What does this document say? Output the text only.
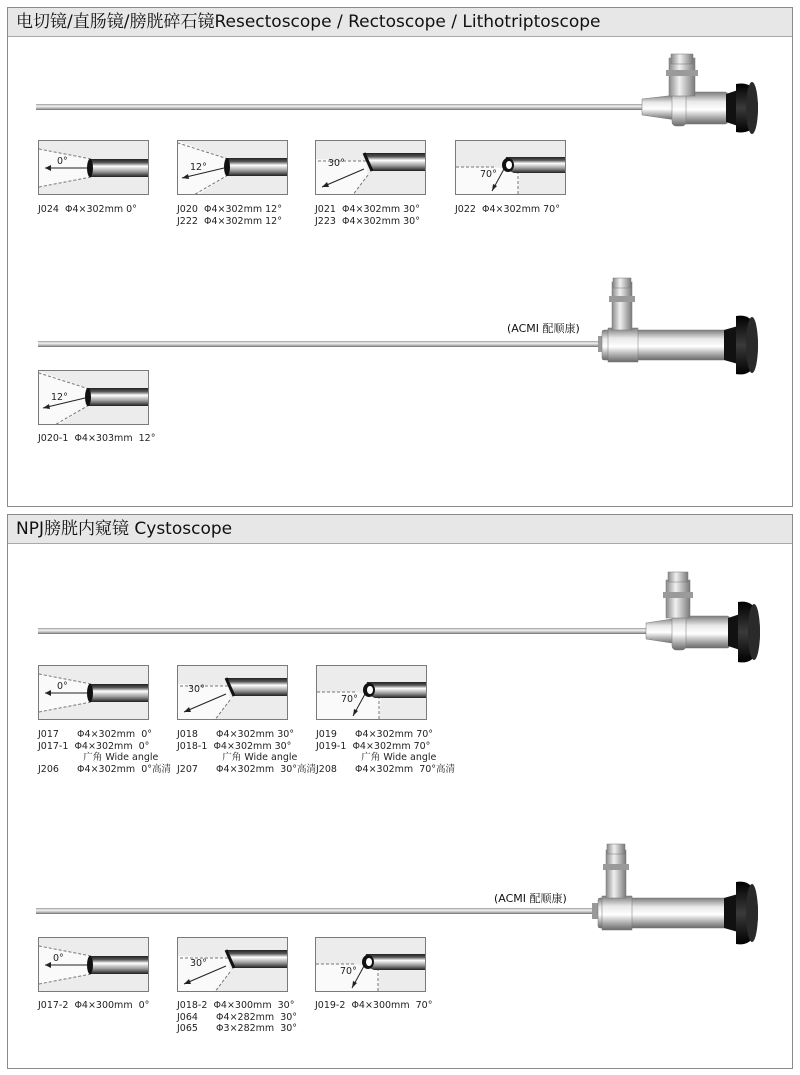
电切镜/直肠镜/膀胱碎石镜Resectoscope / Rectoscope / Lithotriptoscope
0°
12°	30°
70°
J024  Φ4×302mm 0°	J020  Φ4×302mm 12°
J222  Φ4×302mm 12°
J021  Φ4×302mm 30°
J223  Φ4×302mm 30°
J022  Φ4×302mm 70°
(ACMI 配顺康)
12°
J020-1  Φ4×303mm  12°
NPJ膀胱内窥镜 Cystoscope
0°	30°
70°
J017      Φ4×302mm  0°
J017-1  Φ4×302mm  0°
广角 Wide angle
J206      Φ4×302mm  0°高清
J018      Φ4×302mm 30°
J018-1  Φ4×302mm 30°
广角 Wide angle
J207      Φ4×302mm  30°高清
J019      Φ4×302mm 70°
J019-1  Φ4×302mm 70°
广角 Wide angle
J208      Φ4×302mm  70°高清
(ACMI 配顺康)
0°	30°
70°
J017-2  Φ4×300mm  0°	J018-2  Φ4×300mm  30°
J064      Φ4×282mm  30°
J065      Φ3×282mm  30°
J019-2  Φ4×300mm  70°
